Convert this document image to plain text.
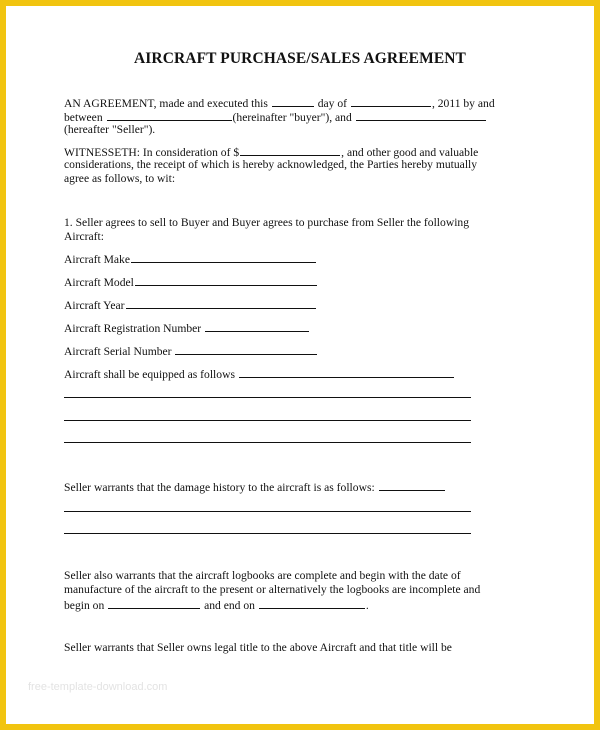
AIRCRAFT PURCHASE/SALES AGREEMENT
AN AGREEMENT, made and executed this	day of	, 2011 by and
between	(hereinafter "buyer"), and
(hereafter "Seller").
WITNESSETH: In consideration of $	, and other good and valuable
considerations, the receipt of which is hereby acknowledged, the Parties hereby mutually
agree as follows, to wit:
1. Seller agrees to sell to Buyer and Buyer agrees to purchase from Seller the following
Aircraft:
Aircraft Make
Aircraft Model
Aircraft Year
Aircraft Registration Number
Aircraft Serial Number
Aircraft shall be equipped as follows
Seller warrants that the damage history to the aircraft is as follows:
Seller also warrants that the aircraft logbooks are complete and begin with the date of
manufacture of the aircraft to the present or alternatively the logbooks are incomplete and
begin on	and end on	.
Seller warrants that Seller owns legal title to the above Aircraft and that title will be
free-template-download.com
